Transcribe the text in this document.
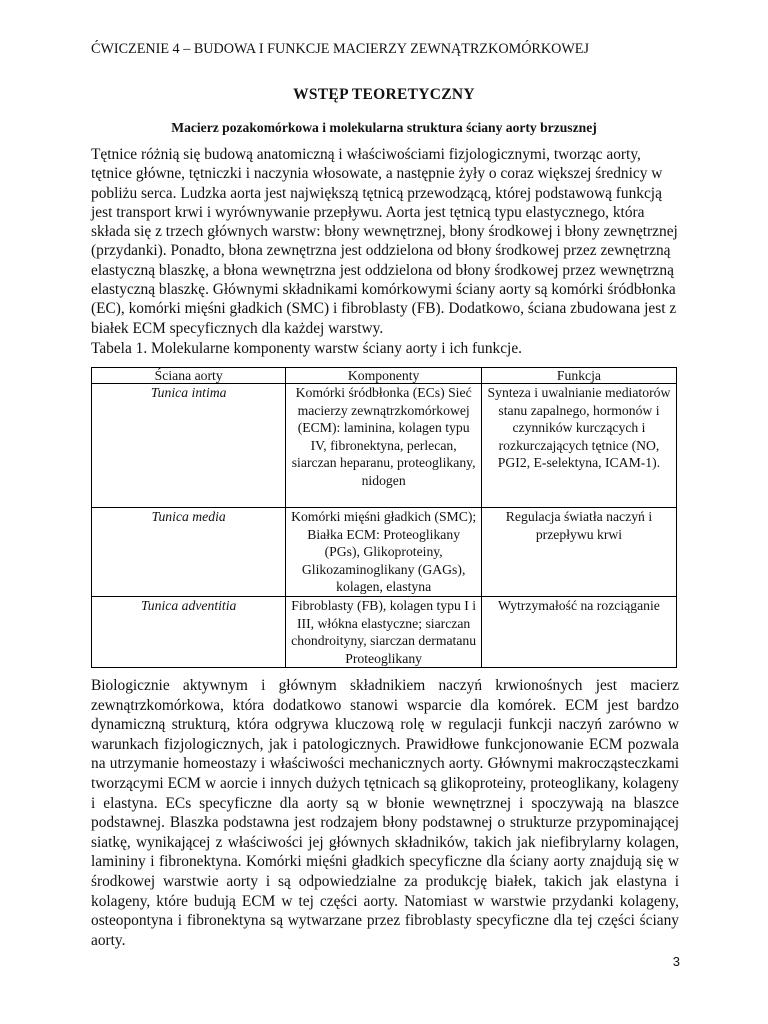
ĆWICZENIE 4 – BUDOWA I FUNKCJE MACIERZY ZEWNĄTRZKOMÓRKOWEJ
WSTĘP TEORETYCZNY
Macierz pozakomórkowa i molekularna struktura ściany aorty brzusznej
Tętnice różnią się budową anatomiczną i właściwościami fizjologicznymi, tworząc aorty, tętnice główne, tętniczki i naczynia włosowate, a następnie żyły o coraz większej średnicy w pobliżu serca. Ludzka aorta jest największą tętnicą przewodzącą, której podstawową funkcją jest transport krwi i wyrównywanie przepływu. Aorta jest tętnicą typu elastycznego, która składa się z trzech głównych warstw: błony wewnętrznej, błony środkowej i błony zewnętrznej (przydanki). Ponadto, błona zewnętrzna jest oddzielona od błony środkowej przez zewnętrzną elastyczną blaszkę, a błona wewnętrzna jest oddzielona od błony środkowej przez wewnętrzną elastyczną blaszkę. Głównymi składnikami komórkowymi ściany aorty są komórki śródbłonka (EC), komórki mięśni gładkich (SMC) i fibroblasty (FB). Dodatkowo, ściana zbudowana jest z białek ECM specyficznych dla każdej warstwy.
Tabela 1. Molekularne komponenty warstw ściany aorty i ich funkcje.
Ściana aorty	Komponenty	Funkcja
Tunica intima	Komórki śródbłonka (ECs) Sieć macierzy zewnątrzkomórkowej (ECM): laminina, kolagen typu IV, fibronektyna, perlecan, siarczan heparanu, proteoglikany, nidogen	Synteza i uwalnianie mediatorów stanu zapalnego, hormonów i czynników kurczących i rozkurczających tętnice (NO, PGI2, E-selektyna, ICAM-1).
Tunica media	Komórki mięśni gładkich (SMC); Białka ECM: Proteoglikany (PGs), Glikoproteiny, Glikozaminoglikany (GAGs), kolagen, elastyna	Regulacja światła naczyń i przepływu krwi
Tunica adventitia	Fibroblasty (FB), kolagen typu I i III, włókna elastyczne; siarczan chondroityny, siarczan dermatanu Proteoglikany	Wytrzymałość na rozciąganie
Biologicznie aktywnym i głównym składnikiem naczyń krwionośnych jest macierz zewnątrzkomórkowa, która dodatkowo stanowi wsparcie dla komórek. ECM jest bardzo dynamiczną strukturą, która odgrywa kluczową rolę w regulacji funkcji naczyń zarówno w warunkach fizjologicznych, jak i patologicznych. Prawidłowe funkcjonowanie ECM pozwala na utrzymanie homeostazy i właściwości mechanicznych aorty. Głównymi makrocząsteczkami tworzącymi ECM w aorcie i innych dużych tętnicach są glikoproteiny, proteoglikany, kolageny i elastyna. ECs specyficzne dla aorty są w błonie wewnętrznej i spoczywają na blaszce podstawnej. Blaszka podstawna jest rodzajem błony podstawnej o strukturze przypominającej siatkę, wynikającej z właściwości jej głównych składników, takich jak niefibrylarny kolagen, lamininy i fibronektyna. Komórki mięśni gładkich specyficzne dla ściany aorty znajdują się w środkowej warstwie aorty i są odpowiedzialne za produkcję białek, takich jak elastyna i kolageny, które budują ECM w tej części aorty. Natomiast w warstwie przydanki kolageny, osteopontyna i fibronektyna są wytwarzane przez fibroblasty specyficzne dla tej części ściany aorty.
3
